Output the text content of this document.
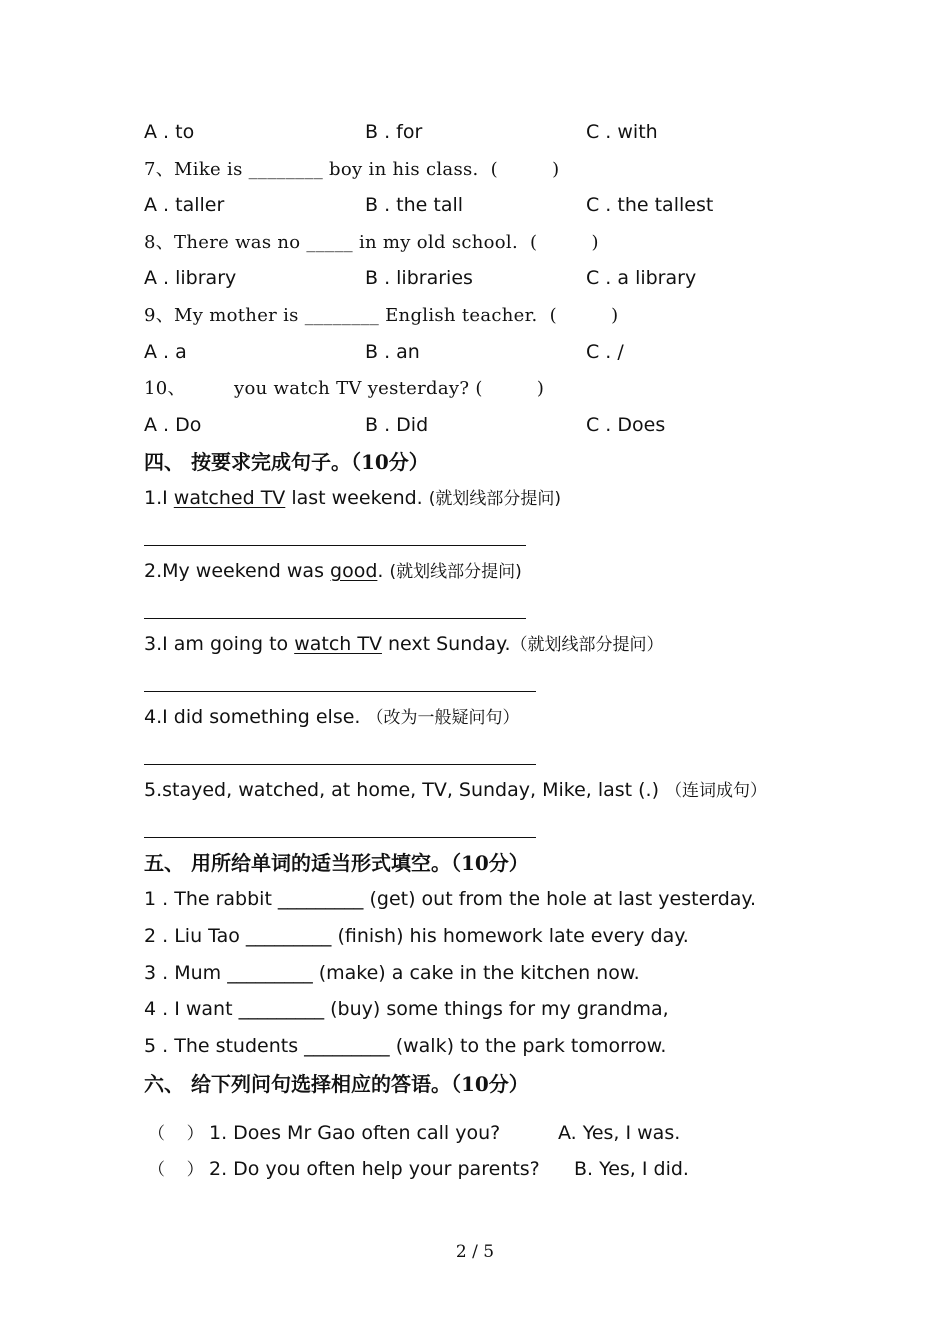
A . to	B . for	C . with
7、Mike is ________ boy in his class.  (         )
A . taller	B . the tall	C . the tallest
8、There was no _____ in my old school.  (         )
A . library	B . libraries	C . a library
9、My mother is ________ English teacher.  (         )
A . a	B . an	C . /
10、        you watch TV yesterday? (         )
A . Do	B . Did	C . Does
四、 按要求完成句子。（10分）
1.I watched TV last weekend. (就划线部分提问)
2.My weekend was good. (就划线部分提问)
3.I am going to watch TV next Sunday.（就划线部分提问）
4.I did something else. （改为一般疑问句）
5.stayed, watched, at home, TV, Sunday, Mike, last (.) （连词成句）
五、 用所给单词的适当形式填空。（10分）
1 . The rabbit _________ (get) out from the hole at last yesterday.
2 . Liu Tao _________ (finish) his homework late every day.
3 . Mum _________ (make) a cake in the kitchen now.
4 . I want _________ (buy) some things for my grandma,
5 . The students _________ (walk) to the park tomorrow.
六、 给下列问句选择相应的答语。（10分）
（    ） 1. Does Mr Gao often call you?	A. Yes, I was.
（    ） 2. Do you often help your parents? B. Yes, I did.
2 / 5
